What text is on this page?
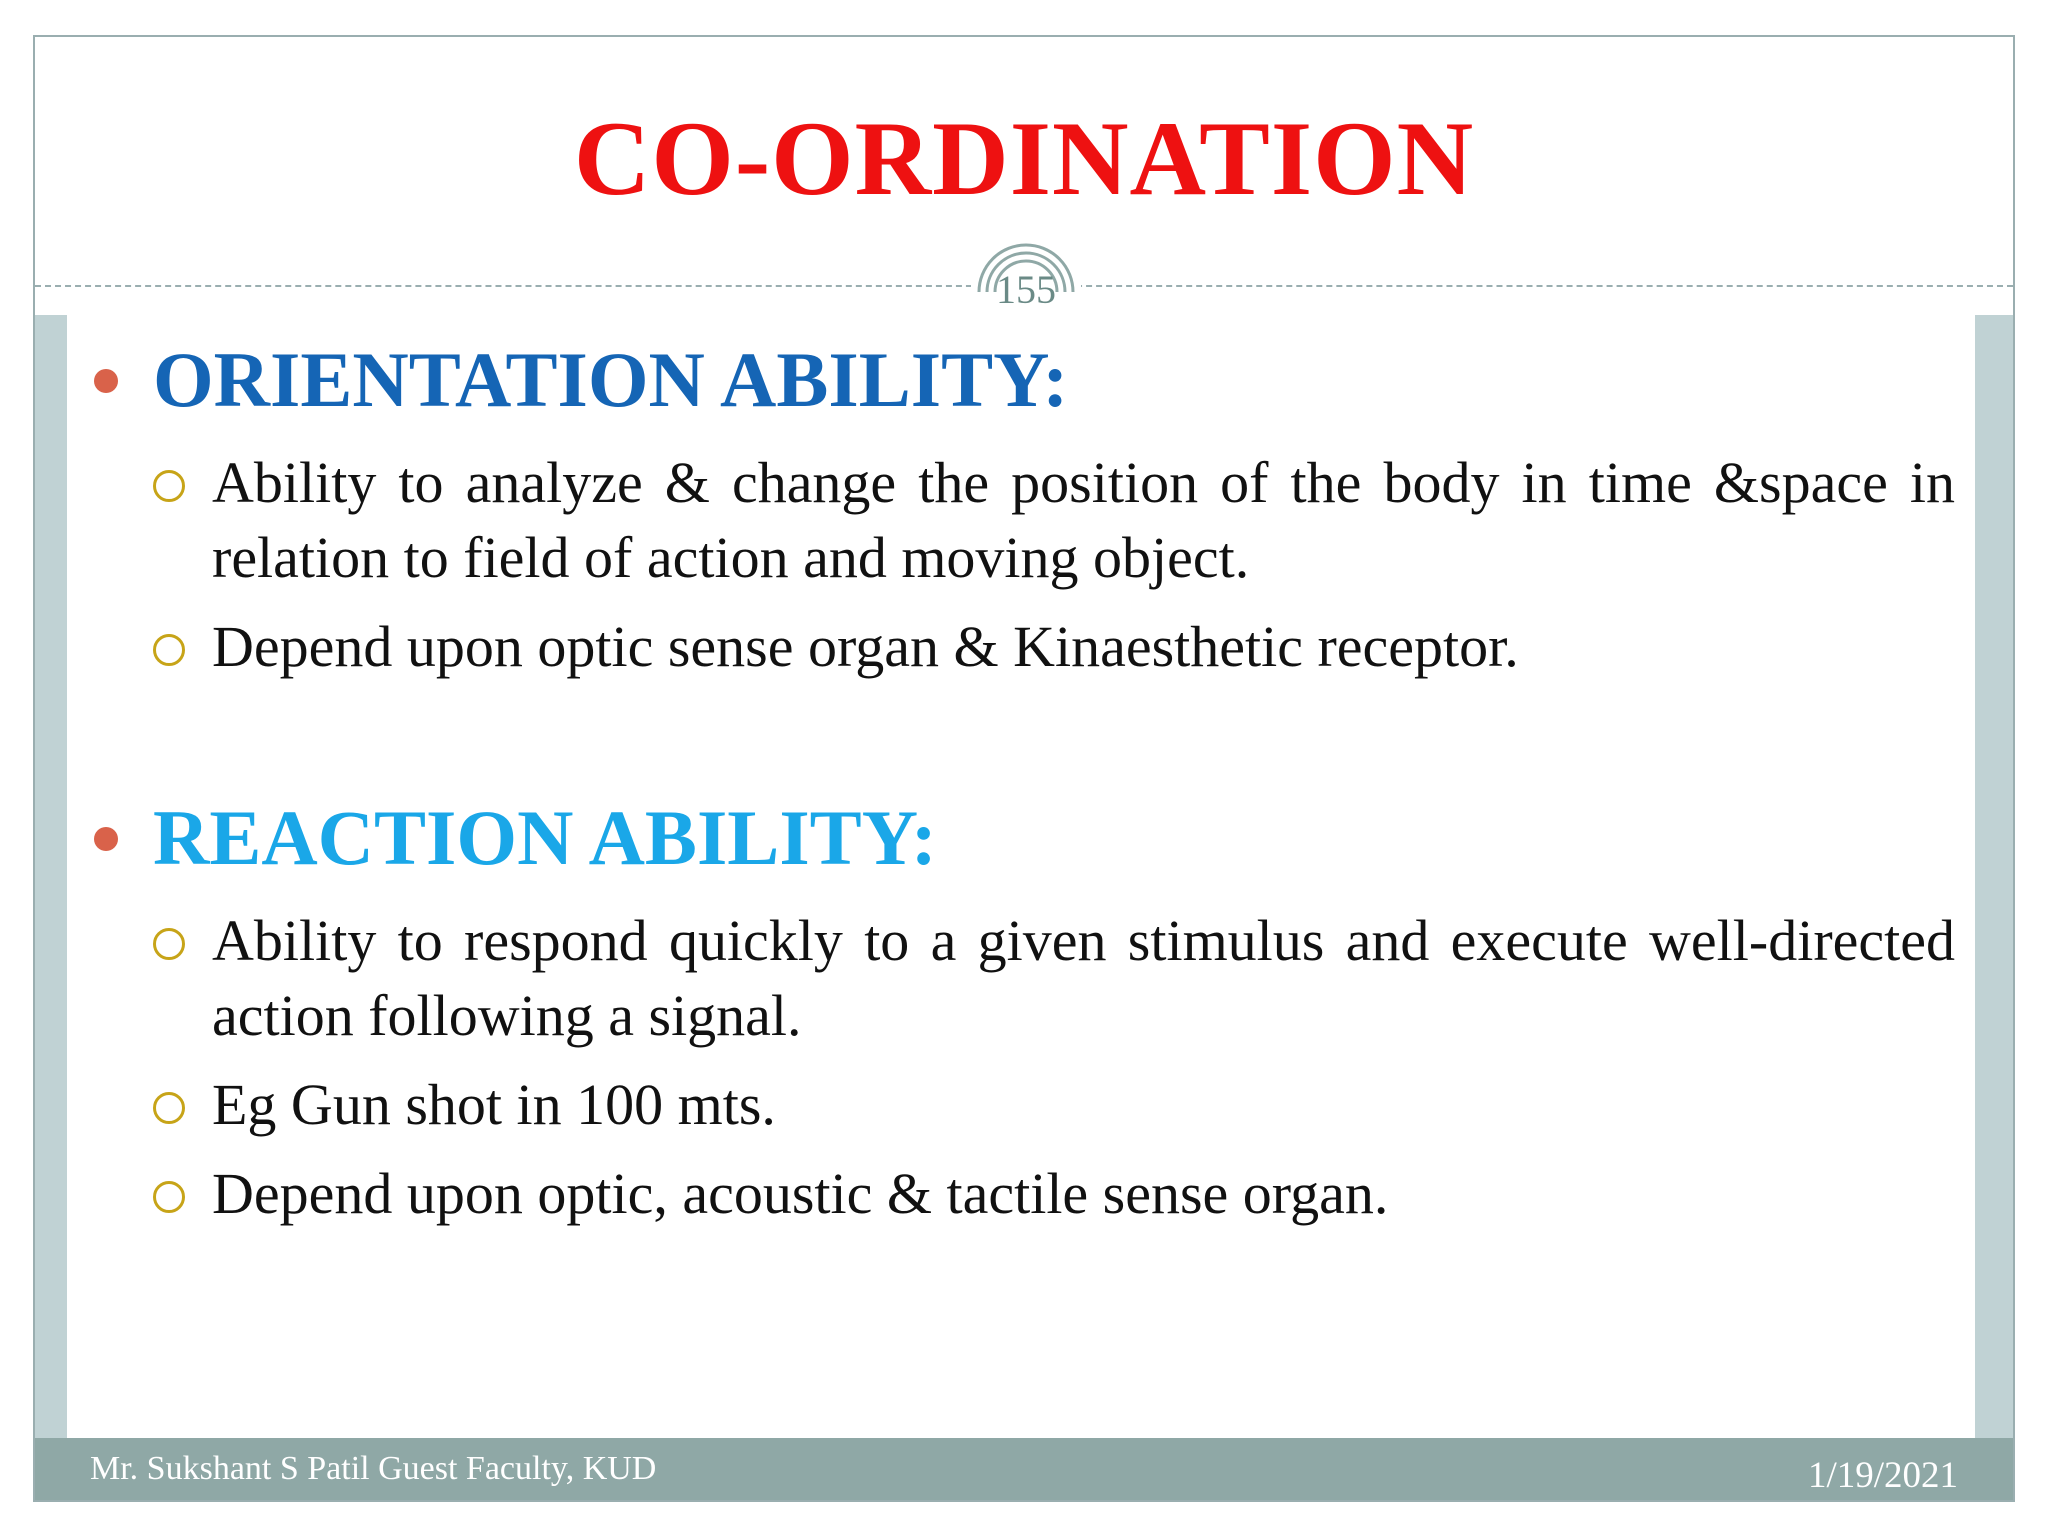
CO-ORDINATION
155
ORIENTATION ABILITY:
Ability to analyze & change the position of the body in time &space in relation to field of action and moving object.
Depend upon optic sense organ & Kinaesthetic receptor.
REACTION ABILITY:
Ability to respond quickly to a given stimulus and execute well-directed action following a signal.
Eg Gun shot in 100 mts.
Depend upon optic, acoustic & tactile sense organ.
Mr. Sukshant S Patil Guest Faculty, KUD	1/19/2021
